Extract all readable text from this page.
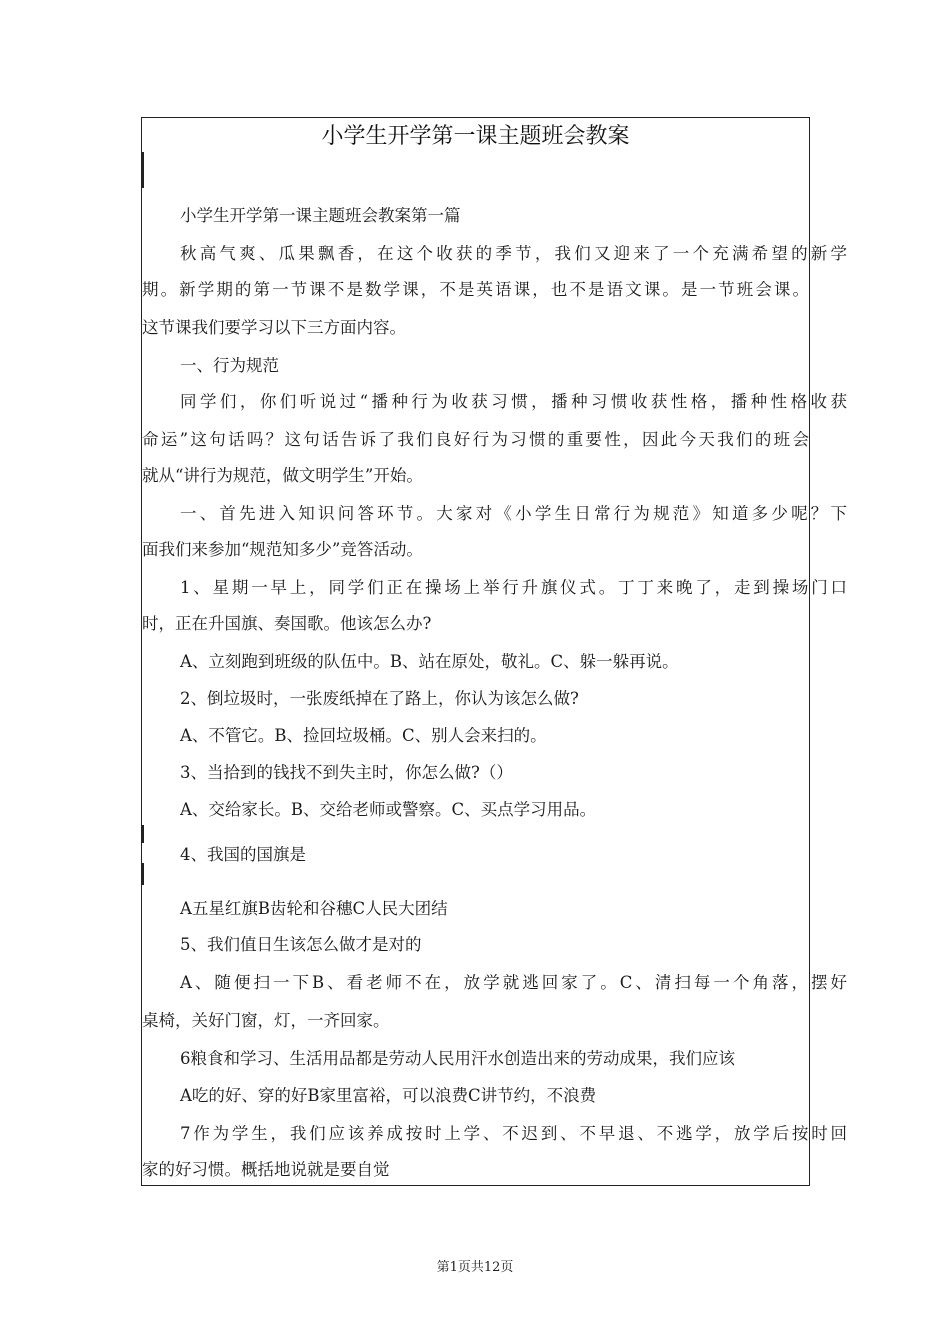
小学生开学第一课主题班会教案
小学生开学第一课主题班会教案第一篇
秋高气爽、瓜果飘香，在这个收获的季节，我们又迎来了一个充满希望的新学
期。新学期的第一节课不是数学课，不是英语课，也不是语文课。是一节班会课。
这节课我们要学习以下三方面内容。
一、行为规范
同学们，你们听说过“播种行为收获习惯，播种习惯收获性格，播种性格收获
命运”这句话吗？这句话告诉了我们良好行为习惯的重要性，因此今天我们的班会
就从“讲行为规范，做文明学生”开始。
一、首先进入知识问答环节。大家对《小学生日常行为规范》知道多少呢？下
面我们来参加“规范知多少”竞答活动。
1、星期一早上，同学们正在操场上举行升旗仪式。丁丁来晚了，走到操场门口
时，正在升国旗、奏国歌。他该怎么办?
A、立刻跑到班级的队伍中。B、站在原处，敬礼。C、躲一躲再说。
2、倒垃圾时，一张废纸掉在了路上，你认为该怎么做?
A、不管它。B、捡回垃圾桶。C、别人会来扫的。
3、当拾到的钱找不到失主时，你怎么做?（）
A、交给家长。B、交给老师或警察。C、买点学习用品。
4、我国的国旗是
A五星红旗B齿轮和谷穗C人民大团结
5、我们值日生该怎么做才是对的
A、随便扫一下B、看老师不在，放学就逃回家了。C、清扫每一个角落，摆好
桌椅，关好门窗，灯，一齐回家。
6粮食和学习、生活用品都是劳动人民用汗水创造出来的劳动成果，我们应该
A吃的好、穿的好B家里富裕，可以浪费C讲节约，不浪费
7作为学生，我们应该养成按时上学、不迟到、不早退、不逃学，放学后按时回
家的好习惯。概括地说就是要自觉
第1页共12页
